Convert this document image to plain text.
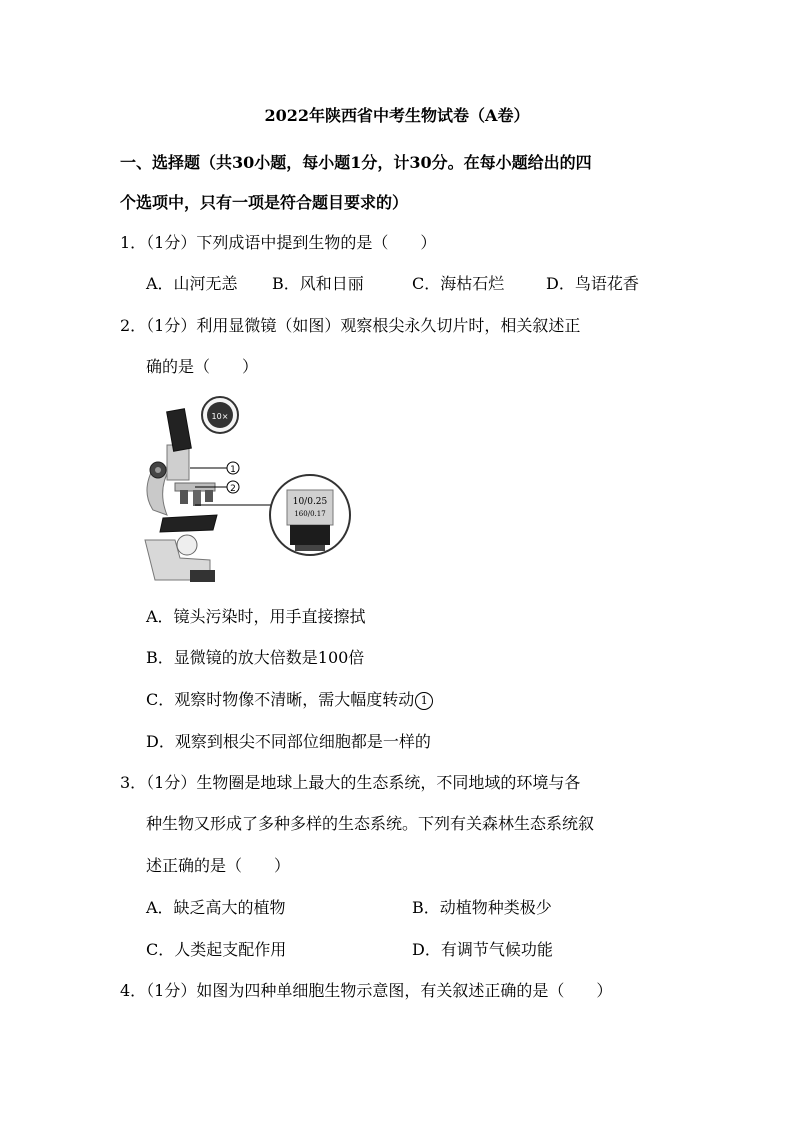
2022年陕西省中考生物试卷（A卷）
一、选择题（共30小题，每小题1分，计30分。在每小题给出的四
个选项中，只有一项是符合题目要求的）
1．（1分）下列成语中提到生物的是（　　）
A．山河无恙 B．风和日丽	C．海枯石烂	D．鸟语花香
2．（1分）利用显微镜（如图）观察根尖永久切片时，相关叙述正
确的是（　　）
10×
1
2
10/0.25
160/0.17
A．镜头污染时，用手直接擦拭
B．显微镜的放大倍数是100倍
C．观察时物像不清晰，需大幅度转动 1
D．观察到根尖不同部位细胞都是一样的
3．（1分）生物圈是地球上最大的生态系统，不同地域的环境与各
种生物又形成了多种多样的生态系统。下列有关森林生态系统叙
述正确的是（　　）
A．缺乏高大的植物	B．动植物种类极少
C．人类起支配作用	D．有调节气候功能
4．（1分）如图为四种单细胞生物示意图，有关叙述正确的是（　　）
